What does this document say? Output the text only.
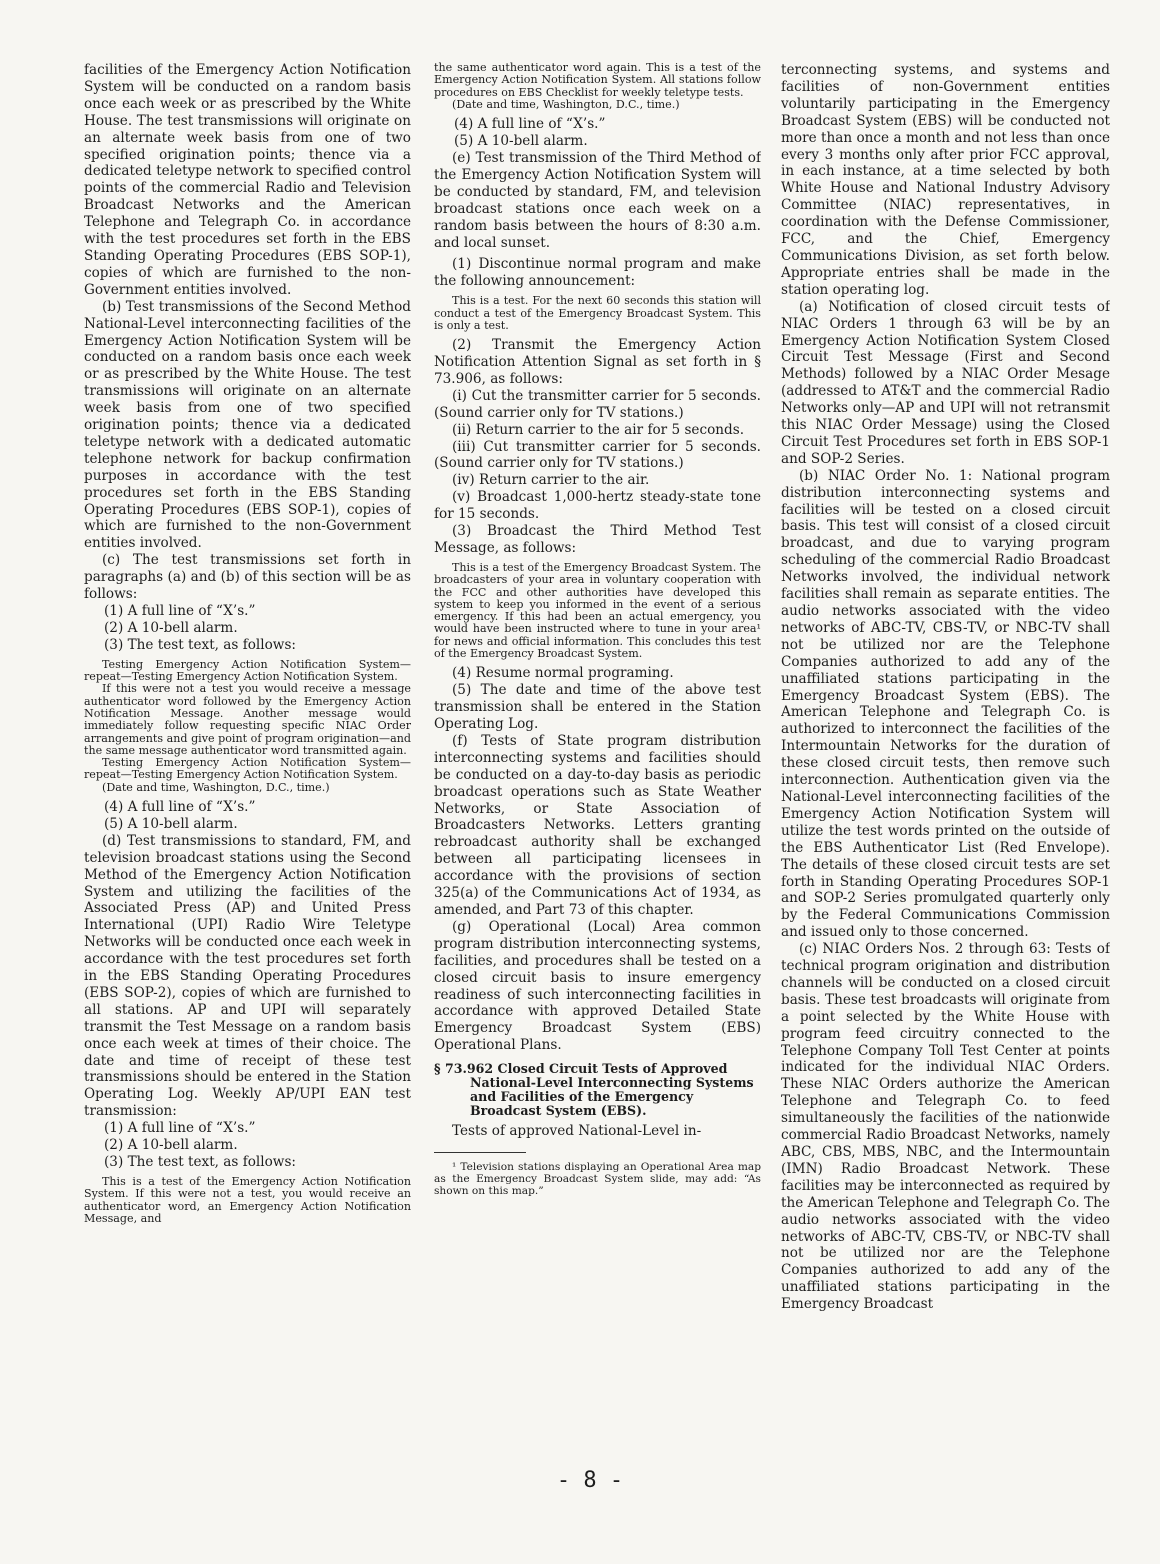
facilities of the Emergency Action Notification System will be conducted on a random basis once each week or as prescribed by the White House. The test transmissions will originate on an alternate week basis from one of two specified origination points; thence via a dedicated teletype network to specified control points of the commercial Radio and Television Broadcast Networks and the American Telephone and Telegraph Co. in accordance with the test procedures set forth in the EBS Standing Operating Procedures (EBS SOP-1), copies of which are furnished to the non-Government entities involved.

(b) Test transmissions of the Second Method National-Level interconnecting facilities of the Emergency Action Notification System will be conducted on a random basis once each week or as prescribed by the White House. The test transmissions will originate on an alternate week basis from one of two specified origination points; thence via a dedicated teletype network with a dedicated automatic telephone network for backup confirmation purposes in accordance with the test procedures set forth in the EBS Standing Operating Procedures (EBS SOP-1), copies of which are furnished to the non-Government entities involved.

(c) The test transmissions set forth in paragraphs (a) and (b) of this section will be as follows:

(1) A full line of “X’s.”

(2) A 10-bell alarm.

(3) The test text, as follows:

Testing Emergency Action Notification System—repeat—Testing Emergency Action Notification System.

If this were not a test you would receive a message authenticator word followed by the Emergency Action Notification Message. Another message would immediately follow requesting specific NIAC Order arrangements and give point of program origination—and the same message authenticator word transmitted again.

Testing Emergency Action Notification System—repeat—Testing Emergency Action Notification System.

(Date and time, Washington, D.C., time.)

(4) A full line of “X’s.”

(5) A 10-bell alarm.

(d) Test transmissions to standard, FM, and television broadcast stations using the Second Method of the Emergency Action Notification System and utilizing the facilities of the Associated Press (AP) and United Press International (UPI) Radio Wire Teletype Networks will be conducted once each week in accordance with the test procedures set forth in the EBS Standing Operating Procedures (EBS SOP-2), copies of which are furnished to all stations. AP and UPI will separately transmit the Test Message on a random basis once each week at times of their choice. The date and time of receipt of these test transmissions should be entered in the Station Operating Log. Weekly AP/UPI EAN test transmission:

(1) A full line of “X’s.”

(2) A 10-bell alarm.

(3) The test text, as follows:

This is a test of the Emergency Action Notification System. If this were not a test, you would receive an authenticator word, an Emergency Action Notification Message, and

the same authenticator word again. This is a test of the Emergency Action Notification System. All stations follow procedures on EBS Checklist for weekly teletype tests.

(Date and time, Washington, D.C., time.)

(4) A full line of “X’s.”

(5) A 10-bell alarm.

(e) Test transmission of the Third Method of the Emergency Action Notification System will be conducted by standard, FM, and television broadcast stations once each week on a random basis between the hours of 8:30 a.m. and local sunset.

(1) Discontinue normal program and make the following announcement:

This is a test. For the next 60 seconds this station will conduct a test of the Emergency Broadcast System. This is only a test.

(2) Transmit the Emergency Action Notification Attention Signal as set forth in § 73.906, as follows:

(i) Cut the transmitter carrier for 5 seconds. (Sound carrier only for TV stations.)

(ii) Return carrier to the air for 5 seconds.

(iii) Cut transmitter carrier for 5 seconds. (Sound carrier only for TV stations.)

(iv) Return carrier to the air.

(v) Broadcast 1,000-hertz steady-state tone for 15 seconds.

(3) Broadcast the Third Method Test Message, as follows:

This is a test of the Emergency Broadcast System. The broadcasters of your area in voluntary cooperation with the FCC and other authorities have developed this system to keep you informed in the event of a serious emergency. If this had been an actual emergency, you would have been instructed where to tune in your area¹ for news and official information. This concludes this test of the Emergency Broadcast System.

(4) Resume normal programing.

(5) The date and time of the above test transmission shall be entered in the Station Operating Log.

(f) Tests of State program distribution interconnecting systems and facilities should be conducted on a day-to-day basis as periodic broadcast operations such as State Weather Networks, or State Association of Broadcasters Networks. Letters granting rebroadcast authority shall be exchanged between all participating licensees in accordance with the provisions of section 325(a) of the Communications Act of 1934, as amended, and Part 73 of this chapter.

(g) Operational (Local) Area common program distribution interconnecting systems, facilities, and procedures shall be tested on a closed circuit basis to insure emergency readiness of such interconnecting facilities in accordance with approved Detailed State Emergency Broadcast System (EBS) Operational Plans.

§ 73.962 Closed Circuit Tests of Approved National-Level Interconnecting Systems and Facilities of the Emergency Broadcast System (EBS).

Tests of approved National-Level in-

¹ Television stations displaying an Operational Area map as the Emergency Broadcast System slide, may add: “As shown on this map.”

terconnecting systems, and systems and facilities of non-Government entities voluntarily participating in the Emergency Broadcast System (EBS) will be conducted not more than once a month and not less than once every 3 months only after prior FCC approval, in each instance, at a time selected by both White House and National Industry Advisory Committee (NIAC) representatives, in coordination with the Defense Commissioner, FCC, and the Chief, Emergency Communications Division, as set forth below. Appropriate entries shall be made in the station operating log.

(a) Notification of closed circuit tests of NIAC Orders 1 through 63 will be by an Emergency Action Notification System Closed Circuit Test Message (First and Second Methods) followed by a NIAC Order Mesage (addressed to AT&T and the commercial Radio Networks only—AP and UPI will not retransmit this NIAC Order Message) using the Closed Circuit Test Procedures set forth in EBS SOP-1 and SOP-2 Series.

(b) NIAC Order No. 1: National program distribution interconnecting systems and facilities will be tested on a closed circuit basis. This test will consist of a closed circuit broadcast, and due to varying program scheduling of the commercial Radio Broadcast Networks involved, the individual network facilities shall remain as separate entities. The audio networks associated with the video networks of ABC-TV, CBS-TV, or NBC-TV shall not be utilized nor are the Telephone Companies authorized to add any of the unaffiliated stations participating in the Emergency Broadcast System (EBS). The American Telephone and Telegraph Co. is authorized to interconnect the facilities of the Intermountain Networks for the duration of these closed circuit tests, then remove such interconnection. Authentication given via the National-Level interconnecting facilities of the Emergency Action Notification System will utilize the test words printed on the outside of the EBS Authenticator List (Red Envelope). The details of these closed circuit tests are set forth in Standing Operating Procedures SOP-1 and SOP-2 Series promulgated quarterly only by the Federal Communications Commission and issued only to those concerned.

(c) NIAC Orders Nos. 2 through 63: Tests of technical program origination and distribution channels will be conducted on a closed circuit basis. These test broadcasts will originate from a point selected by the White House with program feed circuitry connected to the Telephone Company Toll Test Center at points indicated for the individual NIAC Orders. These NIAC Orders authorize the American Telephone and Telegraph Co. to feed simultaneously the facilities of the nationwide commercial Radio Broadcast Networks, namely ABC, CBS, MBS, NBC, and the Intermountain (IMN) Radio Broadcast Network. These facilities may be interconnected as required by the American Telephone and Telegraph Co. The audio networks associated with the video networks of ABC-TV, CBS-TV, or NBC-TV shall not be utilized nor are the Telephone Companies authorized to add any of the unaffiliated stations participating in the Emergency Broadcast

- 8 -
